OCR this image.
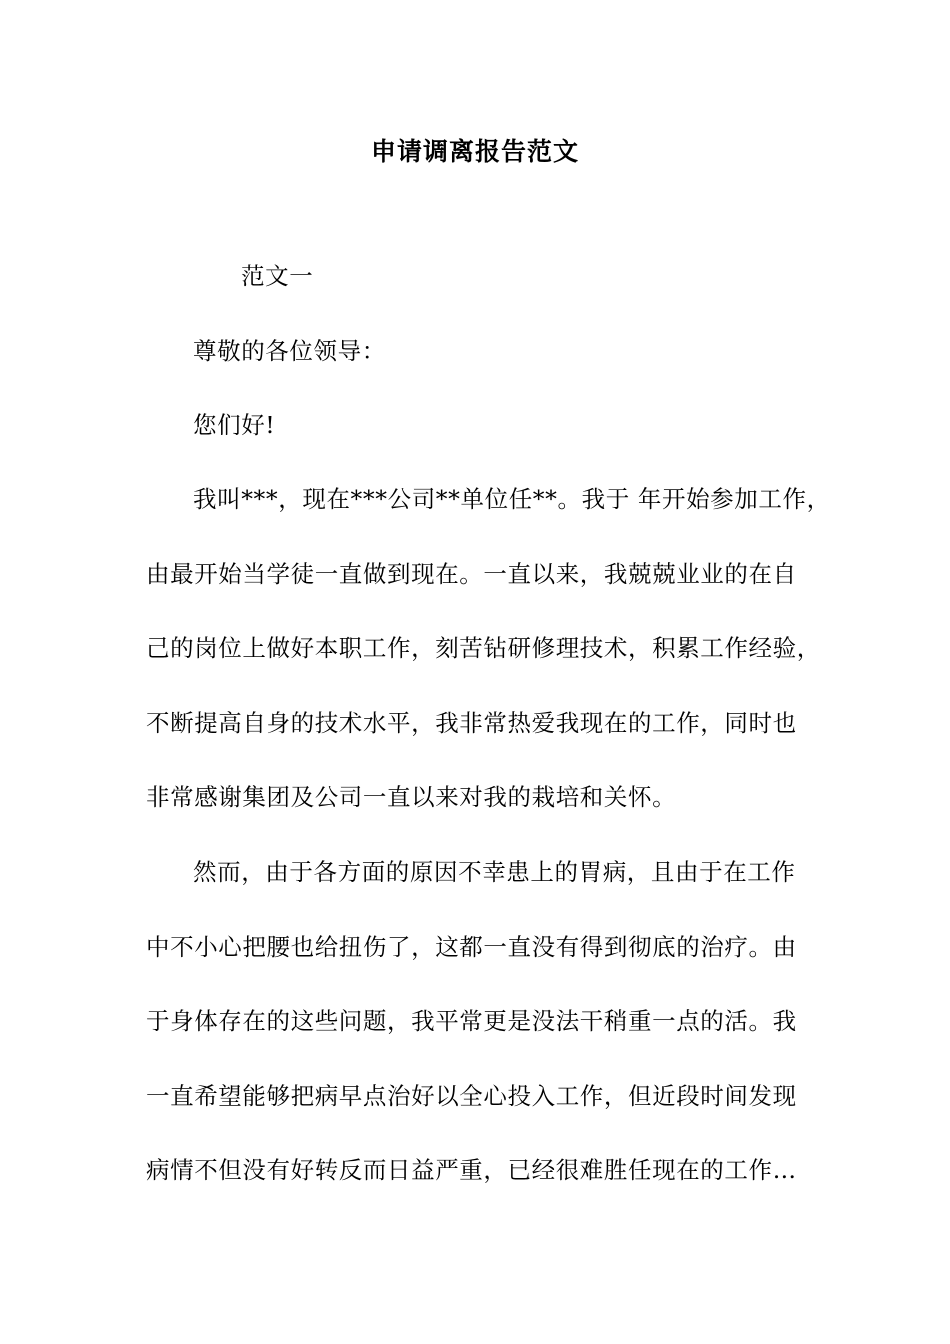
申请调离报告范文
范文一
尊敬的各位领导：
您们好!
我叫***，现在***公司**单位任**。我于 年开始参加工作，
由最开始当学徒一直做到现在。一直以来，我兢兢业业的在自
己的岗位上做好本职工作，刻苦钻研修理技术，积累工作经验，
不断提高自身的技术水平，我非常热爱我现在的工作，同时也
非常感谢集团及公司一直以来对我的栽培和关怀。
然而，由于各方面的原因不幸患上的胃病，且由于在工作
中不小心把腰也给扭伤了，这都一直没有得到彻底的治疗。由
于身体存在的这些问题，我平常更是没法干稍重一点的活。我
一直希望能够把病早点治好以全心投入工作，但近段时间发现
病情不但没有好转反而日益严重，已经很难胜任现在的工作…
